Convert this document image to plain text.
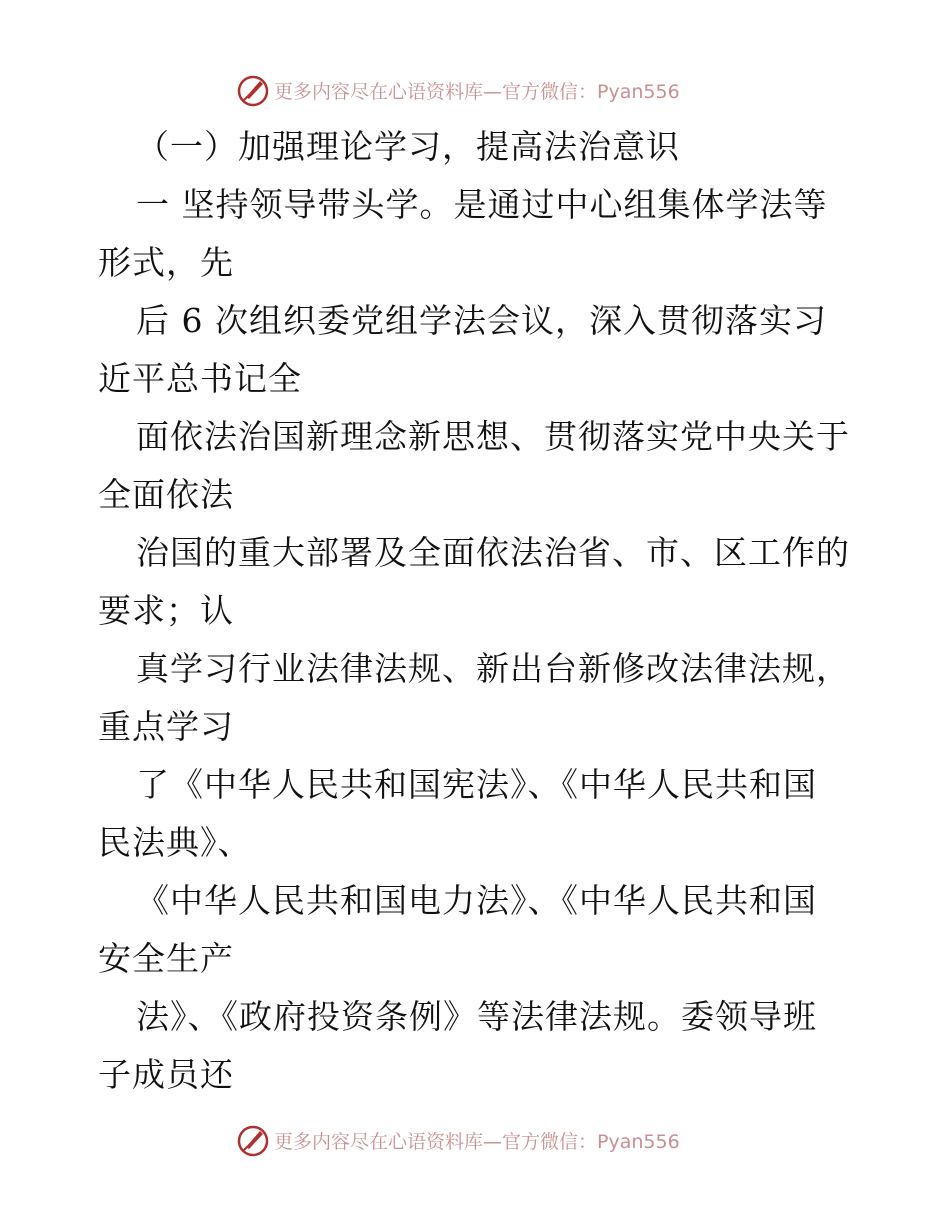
更多内容尽在心语资料库—官方微信：Pyan556
（一）加强理论学习，提高法治意识
一 坚持领导带头学。是通过中心组集体学法等
形式，先
后 6 次组织委党组学法会议，深入贯彻落实习
近平总书记全
面依法治国新理念新思想、贯彻落实党中央关于
全面依法
治国的重大部署及全面依法治省、市、区工作的
要求；认
真学习行业法律法规、新出台新修改法律法规，
重点学习
了《中华人民共和国宪法》、《中华人民共和国
民法典》、
《中华人民共和国电力法》、《中华人民共和国
安全生产
法》、《政府投资条例》等法律法规。委领导班
子成员还
更多内容尽在心语资料库—官方微信：Pyan556
